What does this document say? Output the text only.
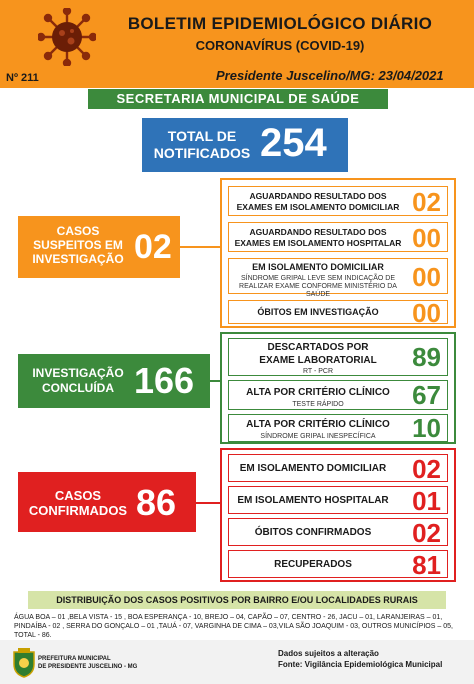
BOLETIM EPIDEMIOLÓGICO DIÁRIO
CORONAVÍRUS (COVID-19)
Nº 211	Presidente Juscelino/MG: 23/04/2021
SECRETARIA MUNICIPAL DE SAÚDE
TOTAL DE
NOTIFICADOS 254
CASOS
SUSPEITOS EM
INVESTIGAÇÃO 02
AGUARDANDO RESULTADO DOS
EXAMES EM ISOLAMENTO DOMICILIAR 02
AGUARDANDO RESULTADO DOS
EXAMES EM ISOLAMENTO HOSPITALAR 00
EM ISOLAMENTO DOMICILIAR
SÍNDROME GRIPAL LEVE SEM INDICAÇÃO DE
REALIZAR EXAME CONFORME MINISTÉRIO DA SAÚDE
00
ÓBITOS EM INVESTIGAÇÃO	00
INVESTIGAÇÃO
CONCLUÍDA 166
DESCARTADOS POR
EXAME LABORATORIAL
RT - PCR	89
ALTA POR CRITÉRIO CLÍNICO
TESTE RÁPIDO	67
ALTA POR CRITÉRIO CLÍNICO
SÍNDROME GRIPAL INESPECÍFICA	10
CASOS
CONFIRMADOS 86
EM ISOLAMENTO DOMICILIAR 02
EM ISOLAMENTO HOSPITALAR 01
ÓBITOS CONFIRMADOS	02
RECUPERADOS	81
DISTRIBUIÇÃO DOS CASOS POSITIVOS POR BAIRRO E/OU LOCALIDADES RURAIS
ÁGUA BOA – 01 ,BELA VISTA - 15 , BOA ESPERANÇA - 10, BREJO – 04, CAPÃO – 07, CENTRO - 26, JACU – 01, LARANJEIRAS – 01, PINDAÍBA - 02 , SERRA DO GONÇALO – 01 ,TAUÁ - 07, VARGINHA DE CIMA – 03,VILA SÃO JOAQUIM - 03, OUTROS MUNICÍPIOS – 05, TOTAL - 86.
PREFEITURA MUNICIPAL
DE PRESIDENTE JUSCELINO - MG
Dados sujeitos a alteração
Fonte: Vigilância Epidemiológica Municipal
